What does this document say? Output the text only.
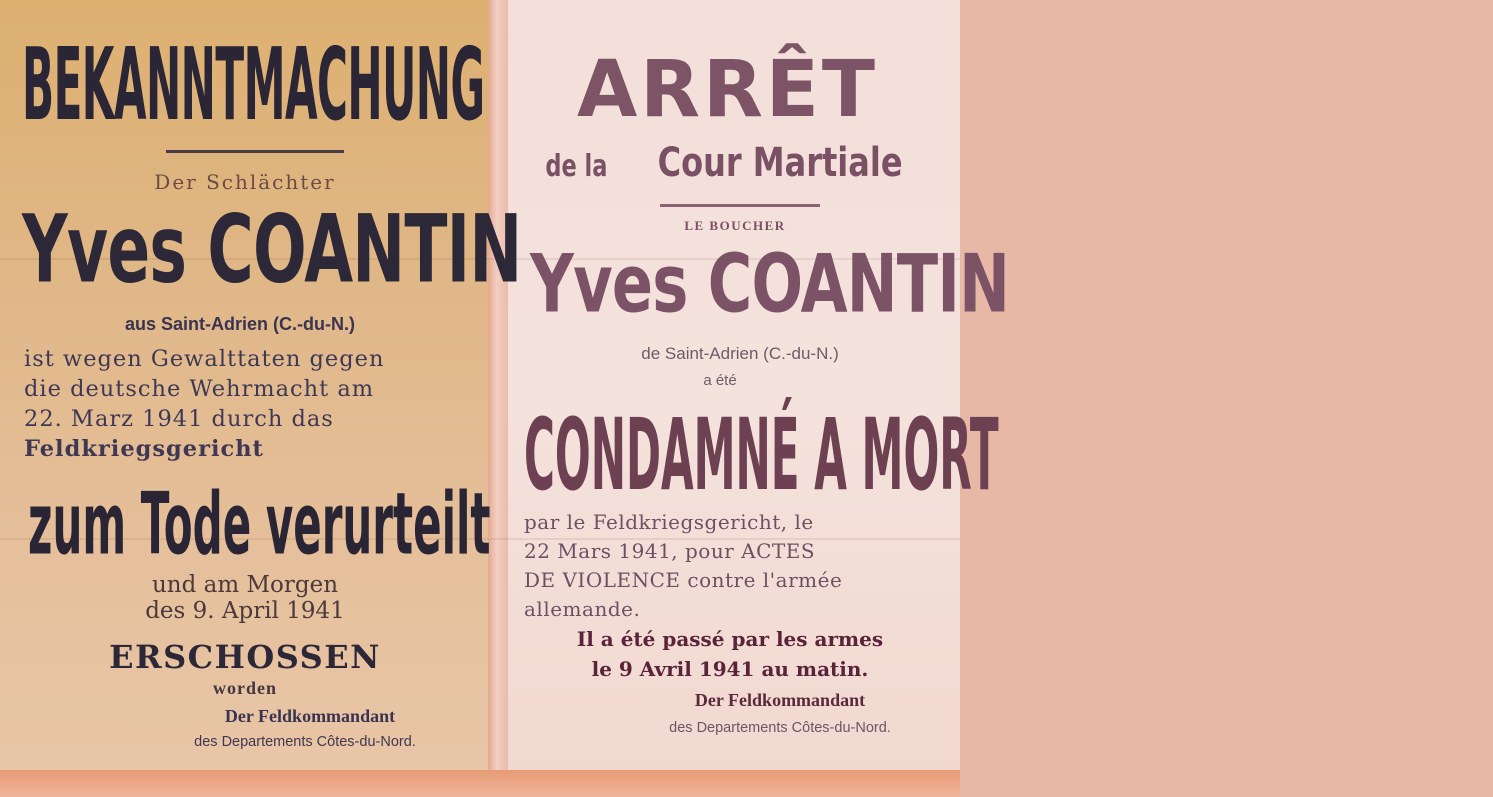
BEKANNTMACHUNG
Der Schlächter
Yves COANTIN
aus Saint-Adrien (C.-du-N.)
ist wegen Gewalttaten gegen
die deutsche Wehrmacht am
22. Marz 1941 durch das
Feldkriegsgericht
zum Tode verurteilt
und am Morgen
des 9. April 1941
ERSCHOSSEN
worden
Der Feldkommandant
des Departements Côtes-du-Nord.
ARRÊT
de la Cour Martiale
LE BOUCHER
Yves COANTIN
de Saint-Adrien (C.-du-N.)
a été
CONDAMNÉ A MORT
par le Feldkriegsgericht, le
22 Mars 1941, pour ACTES
DE VIOLENCE contre l'armée
allemande.
Il a été passé par les armes
le 9 Avril 1941 au matin.
Der Feldkommandant
des Departements Côtes-du-Nord.
